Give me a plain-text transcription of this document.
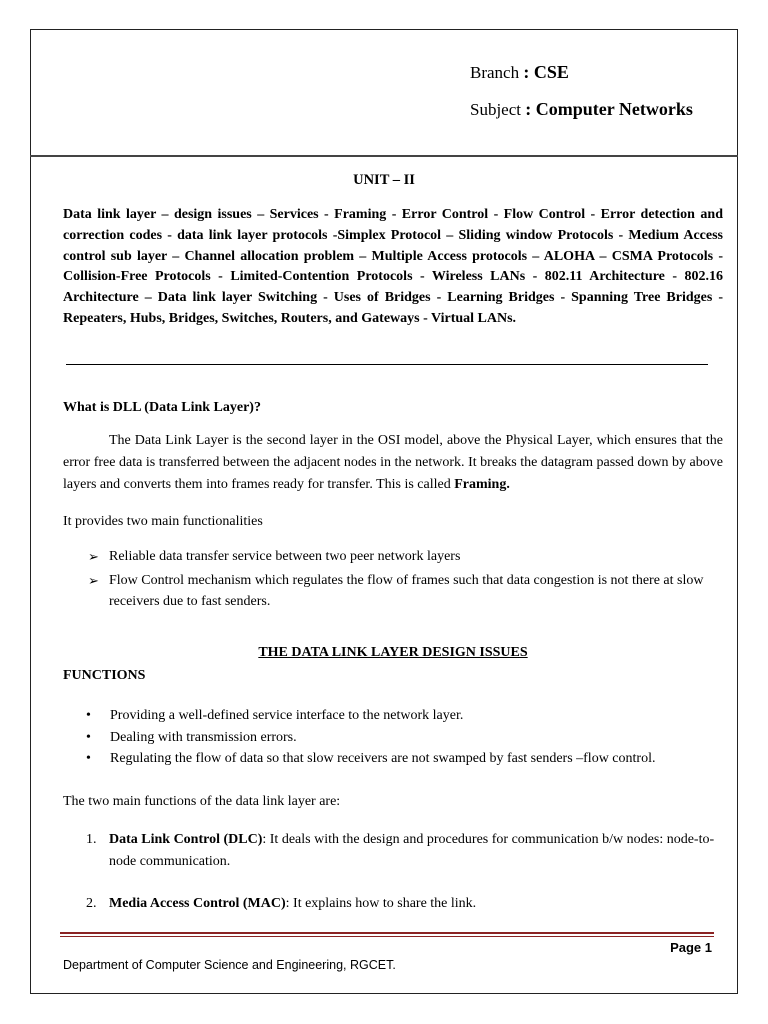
Branch : CSE
Subject : Computer Networks
UNIT – II
Data link layer – design issues – Services - Framing - Error Control - Flow Control - Error detection and correction codes - data link layer protocols -Simplex Protocol – Sliding window Protocols - Medium Access control sub layer – Channel allocation problem – Multiple Access protocols – ALOHA – CSMA Protocols - Collision-Free Protocols - Limited-Contention Protocols - Wireless LANs - 802.11 Architecture - 802.16 Architecture – Data link layer Switching - Uses of Bridges - Learning Bridges - Spanning Tree Bridges - Repeaters, Hubs, Bridges, Switches, Routers, and Gateways - Virtual LANs.
What is DLL (Data Link Layer)?
The Data Link Layer is the second layer in the OSI model, above the Physical Layer, which ensures that the error free data is transferred between the adjacent nodes in the network. It breaks the datagram passed down by above layers and converts them into frames ready for transfer. This is called Framing.
It provides two main functionalities
➢ Reliable data transfer service between two peer network layers
➢ Flow Control mechanism which regulates the flow of frames such that data congestion is not there at slow receivers due to fast senders.
THE DATA LINK LAYER DESIGN ISSUES
FUNCTIONS
• Providing a well-defined service interface to the network layer.
• Dealing with transmission errors.
• Regulating the flow of data so that slow receivers are not swamped by fast senders –flow control.
The two main functions of the data link layer are:
1. Data Link Control (DLC): It deals with the design and procedures for communication b/w nodes: node-to-node communication.
2. Media Access Control (MAC): It explains how to share the link.
Page 1
Department of Computer Science and Engineering, RGCET.
